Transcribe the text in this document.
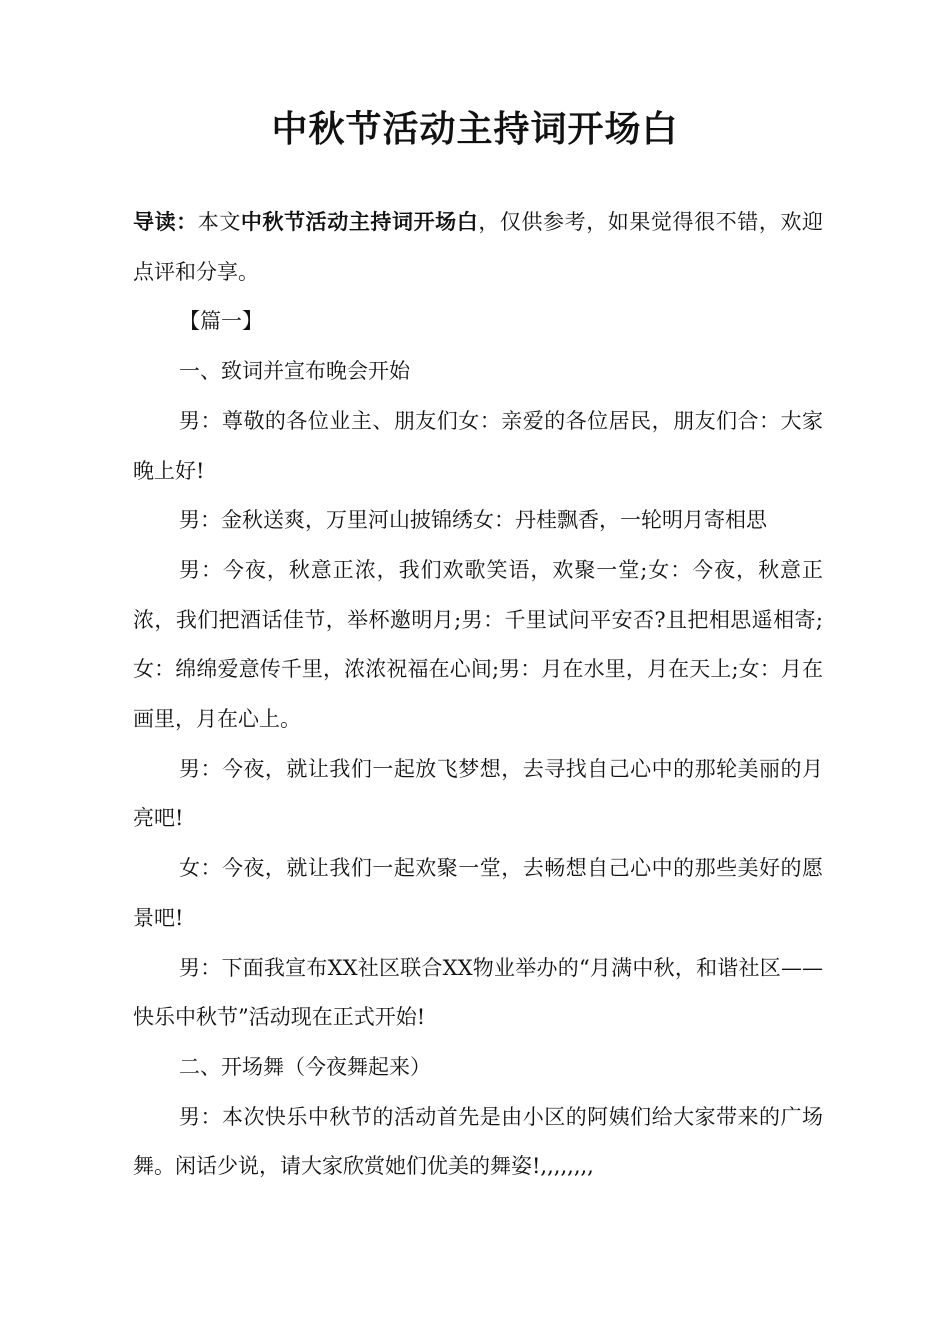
中秋节活动主持词开场白

导读：本文中秋节活动主持词开场白，仅供参考，如果觉得很不错，欢迎点评和分享。

【篇一】

一、致词并宣布晚会开始

男：尊敬的各位业主、朋友们女：亲爱的各位居民，朋友们合：大家晚上好!

男：金秋送爽，万里河山披锦绣女：丹桂飘香，一轮明月寄相思

男：今夜，秋意正浓，我们欢歌笑语，欢聚一堂;女：今夜，秋意正浓，我们把酒话佳节，举杯邀明月;男：千里试问平安否?且把相思遥相寄;女：绵绵爱意传千里，浓浓祝福在心间;男：月在水里，月在天上;女：月在画里，月在心上。

男：今夜，就让我们一起放飞梦想，去寻找自己心中的那轮美丽的月亮吧!

女：今夜，就让我们一起欢聚一堂，去畅想自己心中的那些美好的愿景吧!

男：下面我宣布XX社区联合XX物业举办的“月满中秋，和谐社区——快乐中秋节”活动现在正式开始!

二、开场舞（今夜舞起来）

男：本次快乐中秋节的活动首先是由小区的阿姨们给大家带来的广场舞。闲话少说，请大家欣赏她们优美的舞姿!,,,,,,,,
